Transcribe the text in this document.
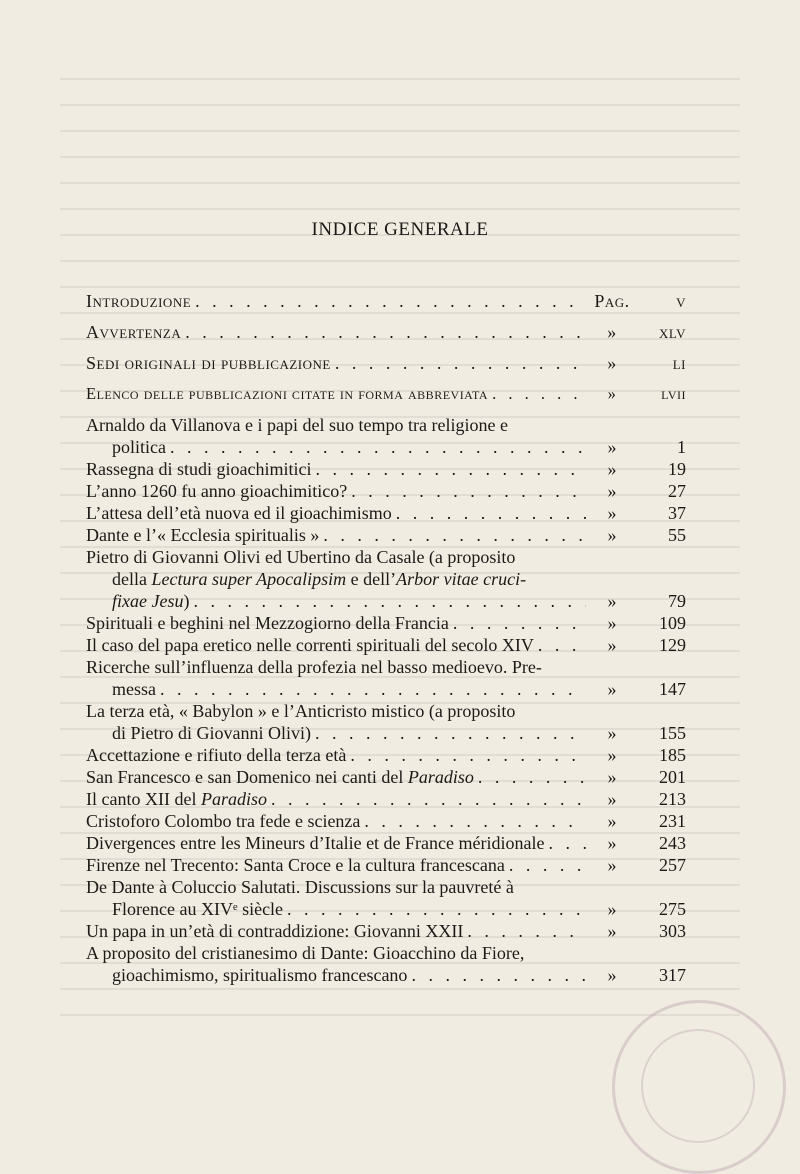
INDICE GENERALE
Introduzione . . .	Pag.	v
Avvertenza . . .	»	xlv
Sedi originali di pubblicazione . . .	»	li
Elenco delle pubblicazioni citate in forma abbreviata . . .	»	lvii
Arnaldo da Villanova e i papi del suo tempo tra religione e
politica . . .	»	1
Rassegna di studi gioachimitici . . .	»	19
L’anno 1260 fu anno gioachimitico? . . .	»	27
L’attesa dell’età nuova ed il gioachimismo . . .	»	37
Dante e l’« Ecclesia spiritualis » . . .	»	55
Pietro di Giovanni Olivi ed Ubertino da Casale (a proposito
della Lectura super Apocalipsim e dell’Arbor vitae cruci-
fixae Jesu) . . .	»	79
Spirituali e beghini nel Mezzogiorno della Francia . . .	»	109
Il caso del papa eretico nelle correnti spirituali del secolo XIV . . .	»	129
Ricerche sull’influenza della profezia nel basso medioevo. Pre-
messa . . .	»	147
La terza età, « Babylon » e l’Anticristo mistico (a proposito
di Pietro di Giovanni Olivi) . . .	»	155
Accettazione e rifiuto della terza età . . .	»	185
San Francesco e san Domenico nei canti del Paradiso . . .	»	201
Il canto XII del Paradiso . . .	»	213
Cristoforo Colombo tra fede e scienza . . .	»	231
Divergences entre les Mineurs d’Italie et de France méridionale . . .	»	243
Firenze nel Trecento: Santa Croce e la cultura francescana . . .	»	257
De Dante à Coluccio Salutati. Discussions sur la pauvreté à
Florence au XIVᵉ siècle . . .	»	275
Un papa in un’età di contraddizione: Giovanni XXII . . .	»	303
A proposito del cristianesimo di Dante: Gioacchino da Fiore,
gioachimismo, spiritualismo francescano . . .	»	317
